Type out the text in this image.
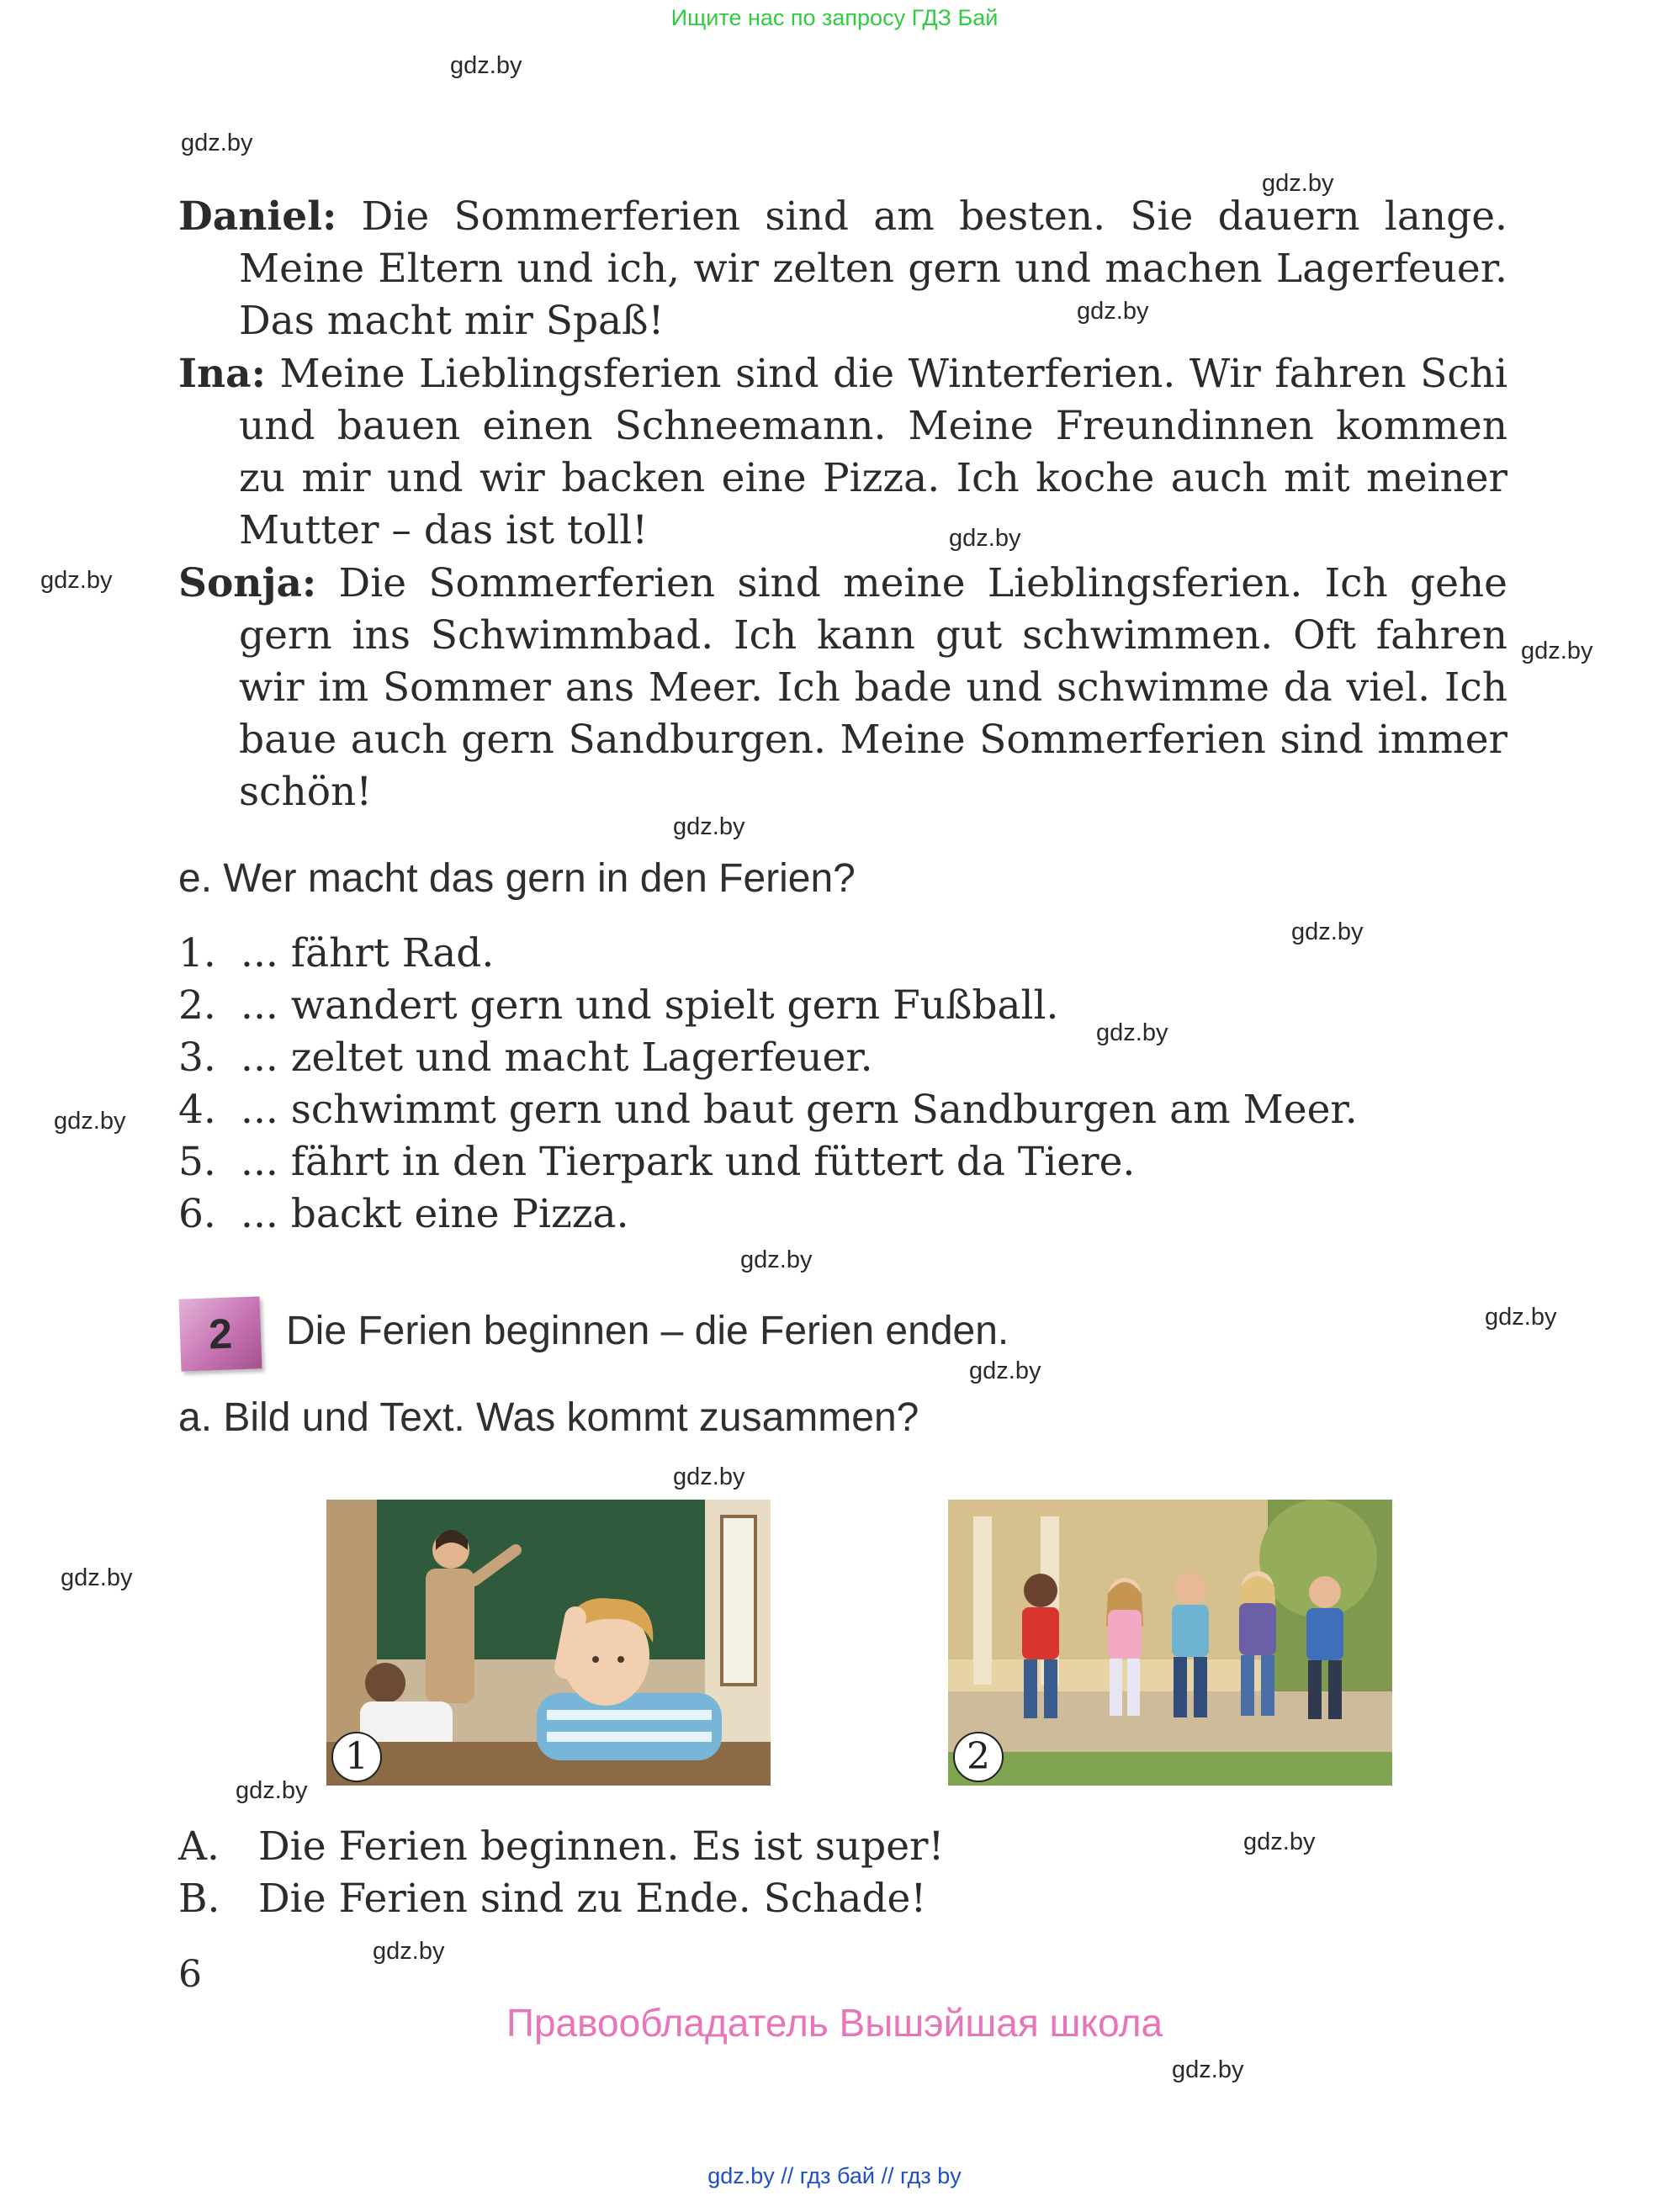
Ищите нас по запросу ГДЗ Бай
gdz.by
gdz.by
gdz.by
gdz.by
gdz.by
gdz.by
gdz.by
gdz.by
gdz.by
gdz.by
gdz.by
gdz.by
gdz.by
gdz.by
gdz.by
gdz.by
gdz.by
gdz.by
gdz.by
gdz.by
Daniel: Die Sommerferien sind am besten. Sie dauern lange. Meine Eltern und ich, wir zelten gern und machen Lagerfeuer. Das macht mir Spaß!
Ina: Meine Lieblingsferien sind die Winterferien. Wir fahren Schi und bauen einen Schneemann. Meine Freundinnen kommen zu mir und wir backen eine Pizza. Ich koche auch mit meiner Mutter – das ist toll!
Sonja: Die Sommerferien sind meine Lieblingsferien. Ich gehe gern ins Schwimmbad. Ich kann gut schwimmen. Oft fahren wir im Sommer ans Meer. Ich bade und schwimme da viel. Ich baue auch gern Sandburgen. Meine Sommerferien sind immer schön!
e. Wer macht das gern in den Ferien?
1. ... fährt Rad.
2. ... wandert gern und spielt gern Fußball.
3. ... zeltet und macht Lagerfeuer.
4. ... schwimmt gern und baut gern Sandburgen am Meer.
5. ... fährt in den Tierpark und füttert da Tiere.
6. ... backt eine Pizza.
2	Die Ferien beginnen – die Ferien enden.
a. Bild und Text. Was kommt zusammen?
1	2
A. Die Ferien beginnen. Es ist super!
B. Die Ferien sind zu Ende. Schade!
6
Правообладатель Вышэйшая школа
gdz.by // гдз бай // гдз by
